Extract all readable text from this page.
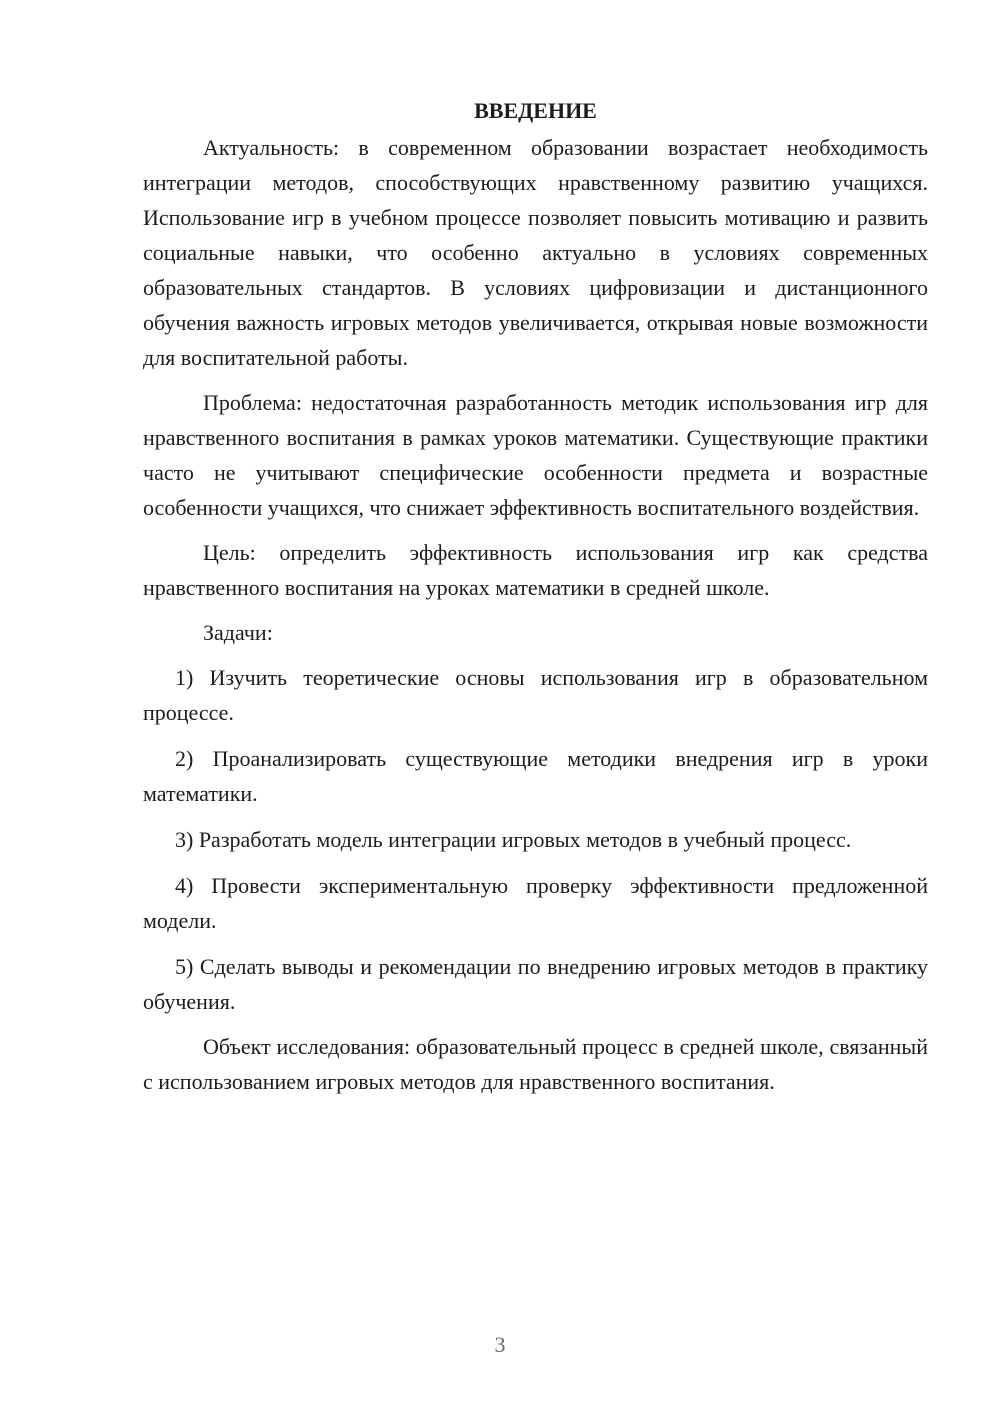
ВВЕДЕНИЕ

Актуальность: в современном образовании возрастает необходимость интеграции методов, способствующих нравственному развитию учащихся. Использование игр в учебном процессе позволяет повысить мотивацию и развить социальные навыки, что особенно актуально в условиях современных образовательных стандартов. В условиях цифровизации и дистанционного обучения важность игровых методов увеличивается, открывая новые возможности для воспитательной работы.

Проблема: недостаточная разработанность методик использования игр для нравственного воспитания в рамках уроков математики. Существующие практики часто не учитывают специфические особенности предмета и возрастные особенности учащихся, что снижает эффективность воспитательного воздействия.

Цель: определить эффективность использования игр как средства нравственного воспитания на уроках математики в средней школе.

Задачи:

1) Изучить теоретические основы использования игр в образовательном процессе.

2) Проанализировать существующие методики внедрения игр в уроки математики.

3) Разработать модель интеграции игровых методов в учебный процесс.

4) Провести экспериментальную проверку эффективности предложенной модели.

5) Сделать выводы и рекомендации по внедрению игровых методов в практику обучения.

Объект исследования: образовательный процесс в средней школе, связанный с использованием игровых методов для нравственного воспитания.

3
